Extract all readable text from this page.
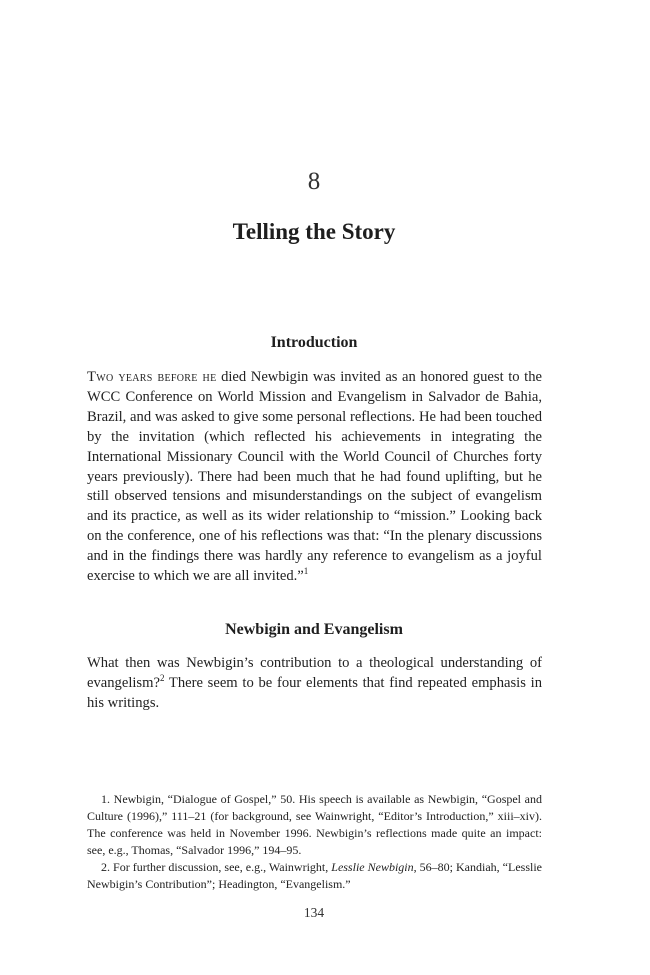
8
Telling the Story
Introduction

Two years before he died Newbigin was invited as an honored guest to the WCC Conference on World Mission and Evangelism in Salvador de Bahia, Brazil, and was asked to give some personal reflections. He had been touched by the invitation (which reflected his achievements in integrating the International Missionary Council with the World Council of Churches forty years previously). There had been much that he had found uplifting, but he still observed tensions and misunderstandings on the subject of evangelism and its practice, as well as its wider relationship to “mission.” Looking back on the conference, one of his reflections was that: “In the plenary discussions and in the findings there was hardly any reference to evangelism as a joyful exercise to which we are all invited.”$^1$

Newbigin and Evangelism

What then was Newbigin’s contribution to a theological understanding of evangelism?$^2$ There seem to be four elements that find repeated emphasis in his writings.

1. Newbigin, “Dialogue of Gospel,” 50. His speech is available as Newbigin, “Gospel and Culture (1996),” 111–21 (for background, see Wainwright, “Editor’s Introduction,” xiii–xiv). The conference was held in November 1996. Newbigin’s reflections made quite an impact: see, e.g., Thomas, “Salvador 1996,” 194–95.

2. For further discussion, see, e.g., Wainwright, Lesslie Newbigin, 56–80; Kandiah, “Lesslie Newbigin’s Contribution”; Headington, “Evangelism.”

134
